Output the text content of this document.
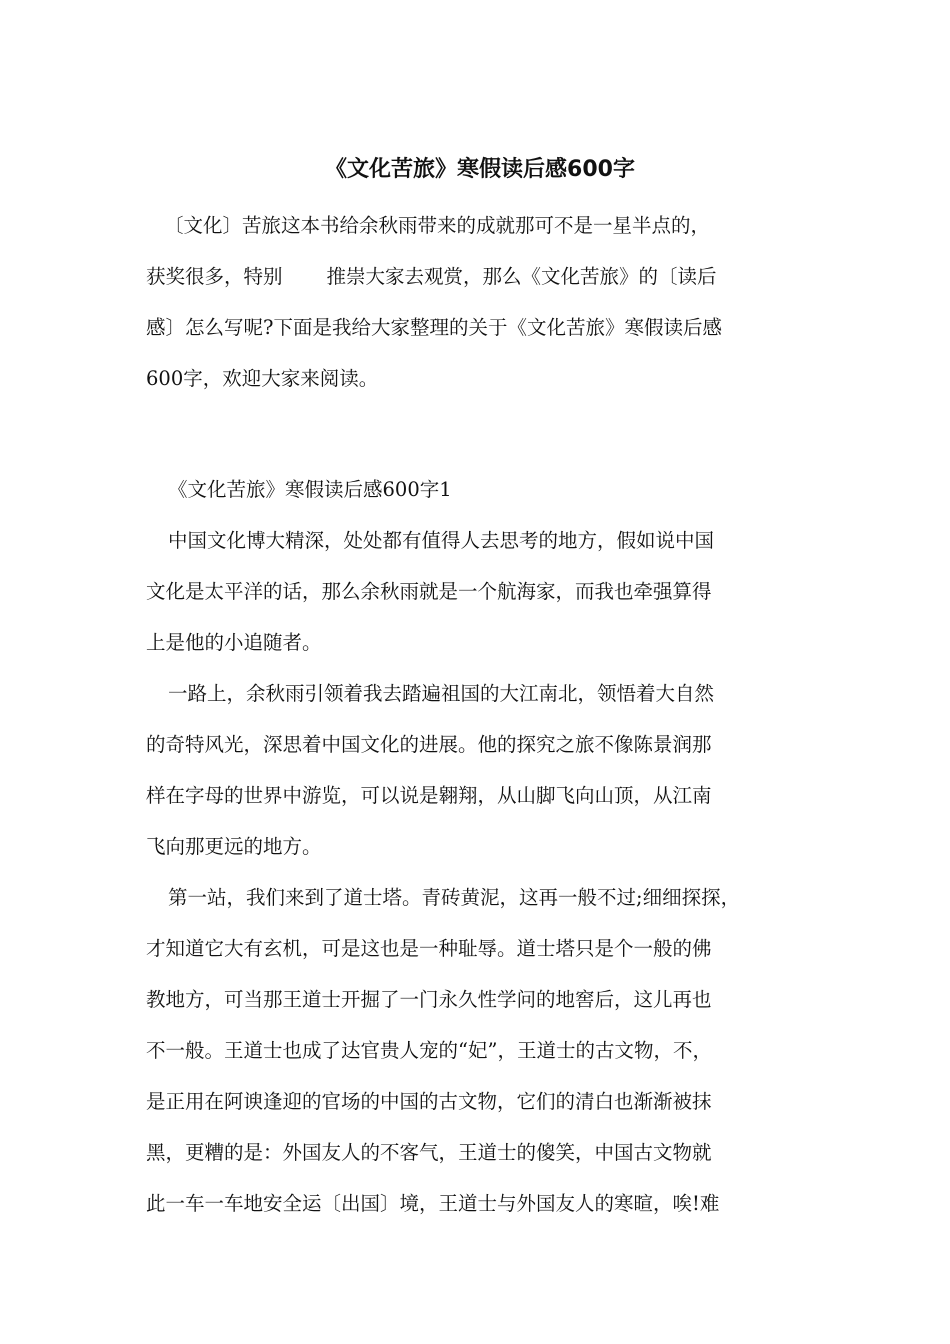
《文化苦旅》寒假读后感600字
〔文化〕苦旅这本书给余秋雨带来的成就那可不是一星半点的，
获奖很多，特别 推崇大家去观赏，那么《文化苦旅》的〔读后
感〕怎么写呢?下面是我给大家整理的关于《文化苦旅》寒假读后感
600字，欢迎大家来阅读。
《文化苦旅》寒假读后感600字1
中国文化博大精深，处处都有值得人去思考的地方，假如说中国
文化是太平洋的话，那么余秋雨就是一个航海家，而我也牵强算得
上是他的小追随者。
一路上，余秋雨引领着我去踏遍祖国的大江南北，领悟着大自然
的奇特风光，深思着中国文化的进展。他的探究之旅不像陈景润那
样在字母的世界中游览，可以说是翱翔，从山脚飞向山顶，从江南
飞向那更远的地方。
第一站，我们来到了道士塔。青砖黄泥，这再一般不过;细细探探，
才知道它大有玄机，可是这也是一种耻辱。道士塔只是个一般的佛
教地方，可当那王道士开掘了一门永久性学问的地窖后，这儿再也
不一般。王道士也成了达官贵人宠的“妃”，王道士的古文物，不，
是正用在阿谀逢迎的官场的中国的古文物，它们的清白也渐渐被抹
黑，更糟的是：外国友人的不客气，王道士的傻笑，中国古文物就
此一车一车地安全运〔出国〕境，王道士与外国友人的寒暄，唉!难
